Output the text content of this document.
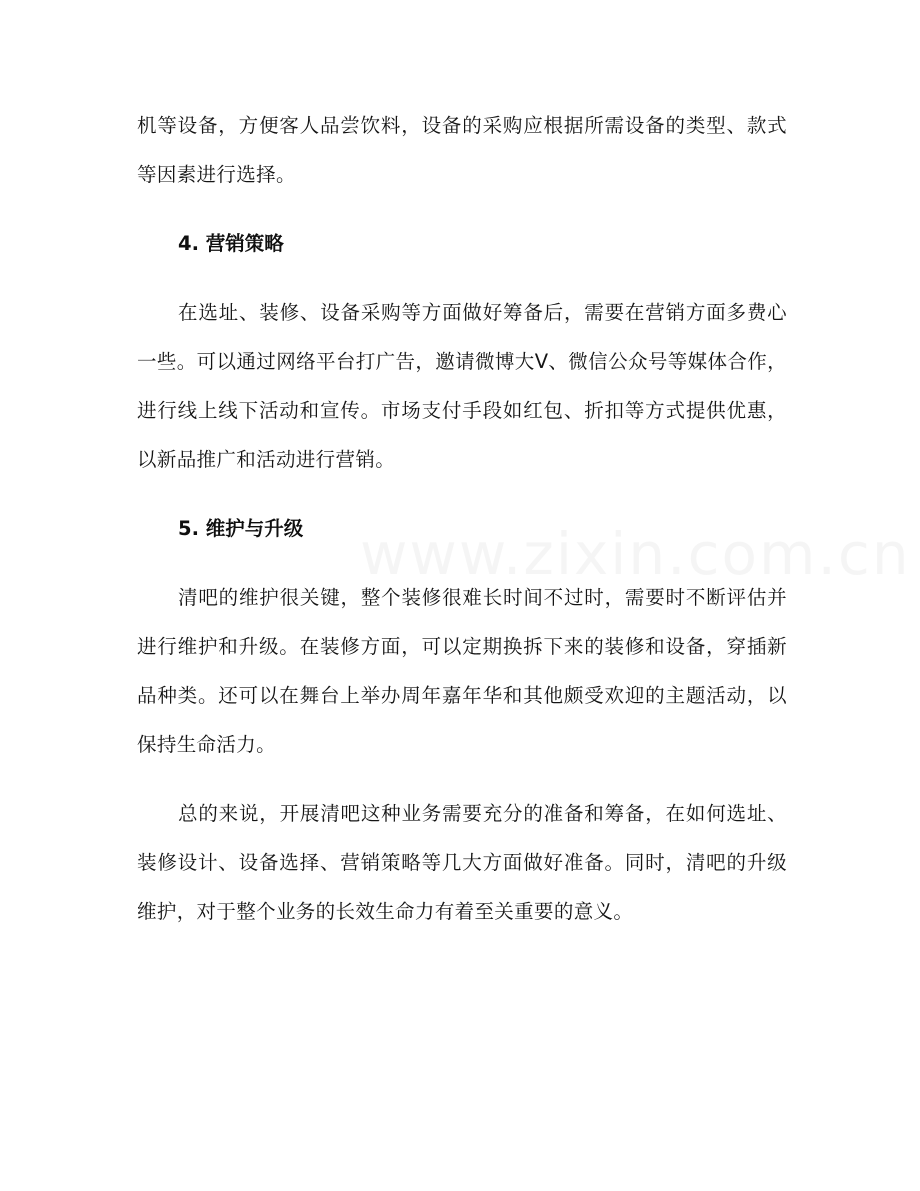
www.zixin.com.cn

机等设备，方便客人品尝饮料，设备的采购应根据所需设备的类型、款式等因素进行选择。

4. 营销策略

在选址、装修、设备采购等方面做好筹备后，需要在营销方面多费心一些。可以通过网络平台打广告，邀请微博大V、微信公众号等媒体合作，进行线上线下活动和宣传。市场支付手段如红包、折扣等方式提供优惠，以新品推广和活动进行营销。

5. 维护与升级

清吧的维护很关键，整个装修很难长时间不过时，需要时不断评估并进行维护和升级。在装修方面，可以定期换拆下来的装修和设备，穿插新品种类。还可以在舞台上举办周年嘉年华和其他颇受欢迎的主题活动，以保持生命活力。

总的来说，开展清吧这种业务需要充分的准备和筹备，在如何选址、装修设计、设备选择、营销策略等几大方面做好准备。同时，清吧的升级维护，对于整个业务的长效生命力有着至关重要的意义。
